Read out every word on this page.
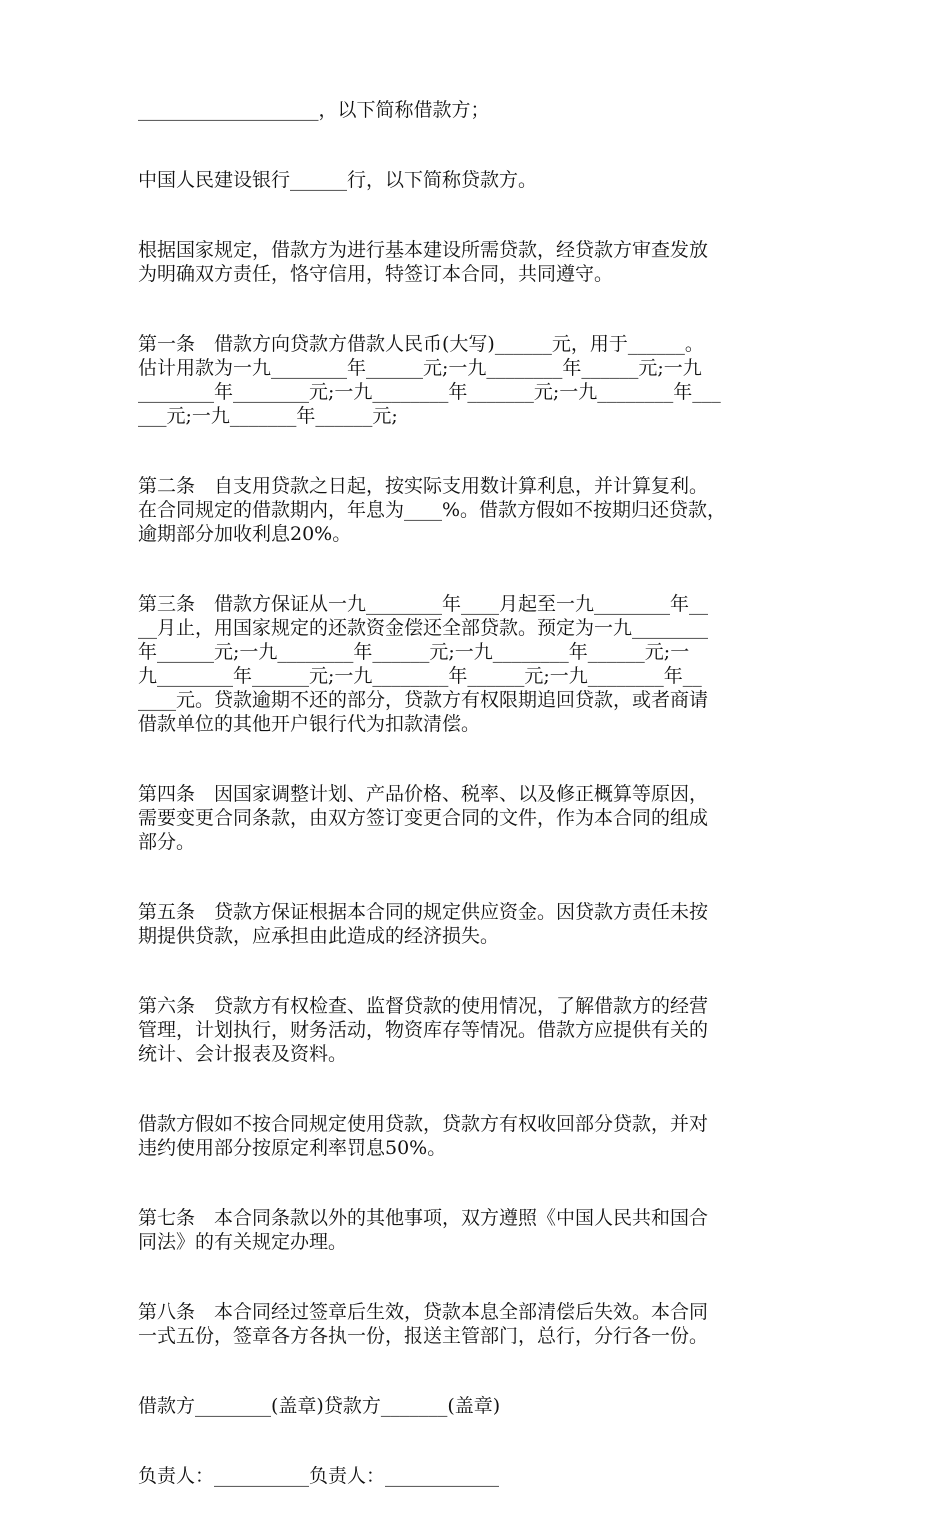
___________________，以下简称借款方；

中国人民建设银行______行，以下简称贷款方。

根据国家规定，借款方为进行基本建设所需贷款，经贷款方审查发放
为明确双方责任，恪守信用，特签订本合同，共同遵守。

第一条　借款方向贷款方借款人民币(大写)______元，用于______。
估计用款为一九________年______元;一九________年______元;一九
________年________元;一九________年_______元;一九________年___
___元;一九_______年______元;

第二条　自支用贷款之日起，按实际支用数计算利息，并计算复利。
在合同规定的借款期内，年息为____%。借款方假如不按期归还贷款，
逾期部分加收利息20%。

第三条　借款方保证从一九________年____月起至一九________年__
__月止，用国家规定的还款资金偿还全部贷款。预定为一九________
年______元;一九________年______元;一九________年______元;一
九________年______元;一九________年______元;一九________年__
____元。贷款逾期不还的部分，贷款方有权限期追回贷款，或者商请
借款单位的其他开户银行代为扣款清偿。

第四条　因国家调整计划、产品价格、税率、以及修正概算等原因，
需要变更合同条款，由双方签订变更合同的文件，作为本合同的组成
部分。

第五条　贷款方保证根据本合同的规定供应资金。因贷款方责任未按
期提供贷款，应承担由此造成的经济损失。

第六条　贷款方有权检查、监督贷款的使用情况，了解借款方的经营
管理，计划执行，财务活动，物资库存等情况。借款方应提供有关的
统计、会计报表及资料。

借款方假如不按合同规定使用贷款，贷款方有权收回部分贷款，并对
违约使用部分按原定利率罚息50%。

第七条　本合同条款以外的其他事项，双方遵照《中国人民共和国合
同法》的有关规定办理。

第八条　本合同经过签章后生效，贷款本息全部清偿后失效。本合同
一式五份，签章各方各执一份，报送主管部门，总行，分行各一份。

借款方________(盖章)贷款方_______(盖章)

负责人：__________负责人：____________
